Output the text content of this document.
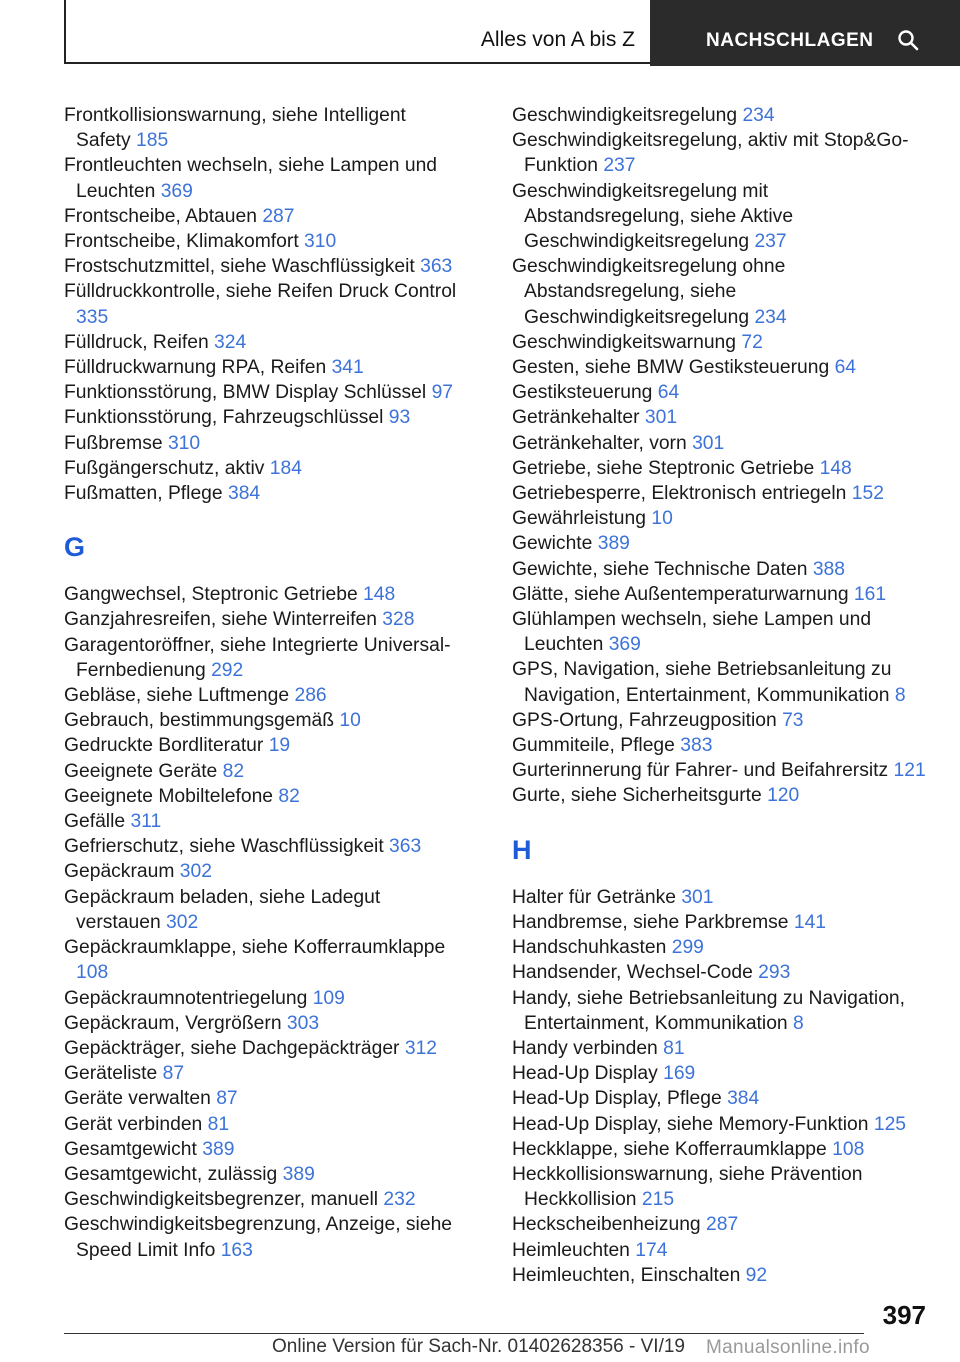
Alles von A bis Z	NACHSCHLAGEN

Frontkollisionswarnung, siehe Intelligent Safety 185

Frontleuchten wechseln, siehe Lampen und Leuchten 369

Frontscheibe, Abtauen 287

Frontscheibe, Klimakomfort 310

Frostschutzmittel, siehe Waschflüssigkeit 363

Fülldruckkontrolle, siehe Reifen Druck Control 335

Fülldruck, Reifen 324

Fülldruckwarnung RPA, Reifen 341

Funktionsstörung, BMW Display Schlüssel 97

Funktionsstörung, Fahrzeugschlüssel 93

Fußbremse 310

Fußgängerschutz, aktiv 184

Fußmatten, Pflege 384

G

Gangwechsel, Steptronic Getriebe 148

Ganzjahresreifen, siehe Winterreifen 328

Garagentoröffner, siehe Integrierte Universal-Fernbedienung 292

Gebläse, siehe Luftmenge 286

Gebrauch, bestimmungsgemäß 10

Gedruckte Bordliteratur 19

Geeignete Geräte 82

Geeignete Mobiltelefone 82

Gefälle 311

Gefrierschutz, siehe Waschflüssigkeit 363

Gepäckraum 302

Gepäckraum beladen, siehe Ladegut verstauen 302

Gepäckraumklappe, siehe Kofferraumklappe 108

Gepäckraumnotentriegelung 109

Gepäckraum, Vergrößern 303

Gepäckträger, siehe Dachgepäckträger 312

Geräteliste 87

Geräte verwalten 87

Gerät verbinden 81

Gesamtgewicht 389

Gesamtgewicht, zulässig 389

Geschwindigkeitsbegrenzer, manuell 232

Geschwindigkeitsbegrenzung, Anzeige, siehe Speed Limit Info 163

Geschwindigkeitsregelung 234

Geschwindigkeitsregelung, aktiv mit Stop&Go-Funktion 237

Geschwindigkeitsregelung mit Abstandsregelung, siehe Aktive Geschwindigkeitsregelung 237

Geschwindigkeitsregelung ohne Abstandsregelung, siehe Geschwindigkeitsregelung 234

Geschwindigkeitswarnung 72

Gesten, siehe BMW Gestiksteuerung 64

Gestiksteuerung 64

Getränkehalter 301

Getränkehalter, vorn 301

Getriebe, siehe Steptronic Getriebe 148

Getriebesperre, Elektronisch entriegeln 152

Gewährleistung 10

Gewichte 389

Gewichte, siehe Technische Daten 388

Glätte, siehe Außentemperaturwarnung 161

Glühlampen wechseln, siehe Lampen und Leuchten 369

GPS, Navigation, siehe Betriebsanleitung zu Navigation, Entertainment, Kommunikation 8

GPS-Ortung, Fahrzeugposition 73

Gummiteile, Pflege 383

Gurterinnerung für Fahrer- und Beifahrersitz 121

Gurte, siehe Sicherheitsgurte 120

H

Halter für Getränke 301

Handbremse, siehe Parkbremse 141

Handschuhkasten 299

Handsender, Wechsel-Code 293

Handy, siehe Betriebsanleitung zu Navigation, Entertainment, Kommunikation 8

Handy verbinden 81

Head-Up Display 169

Head-Up Display, Pflege 384

Head-Up Display, siehe Memory-Funktion 125

Heckklappe, siehe Kofferraumklappe 108

Heckkollisionswarnung, siehe Prävention Heckkollision 215

Heckscheibenheizung 287

Heimleuchten 174

Heimleuchten, Einschalten 92

397
Online Version für Sach-Nr. 01402628356 - VI/19 Manualsonline.info
